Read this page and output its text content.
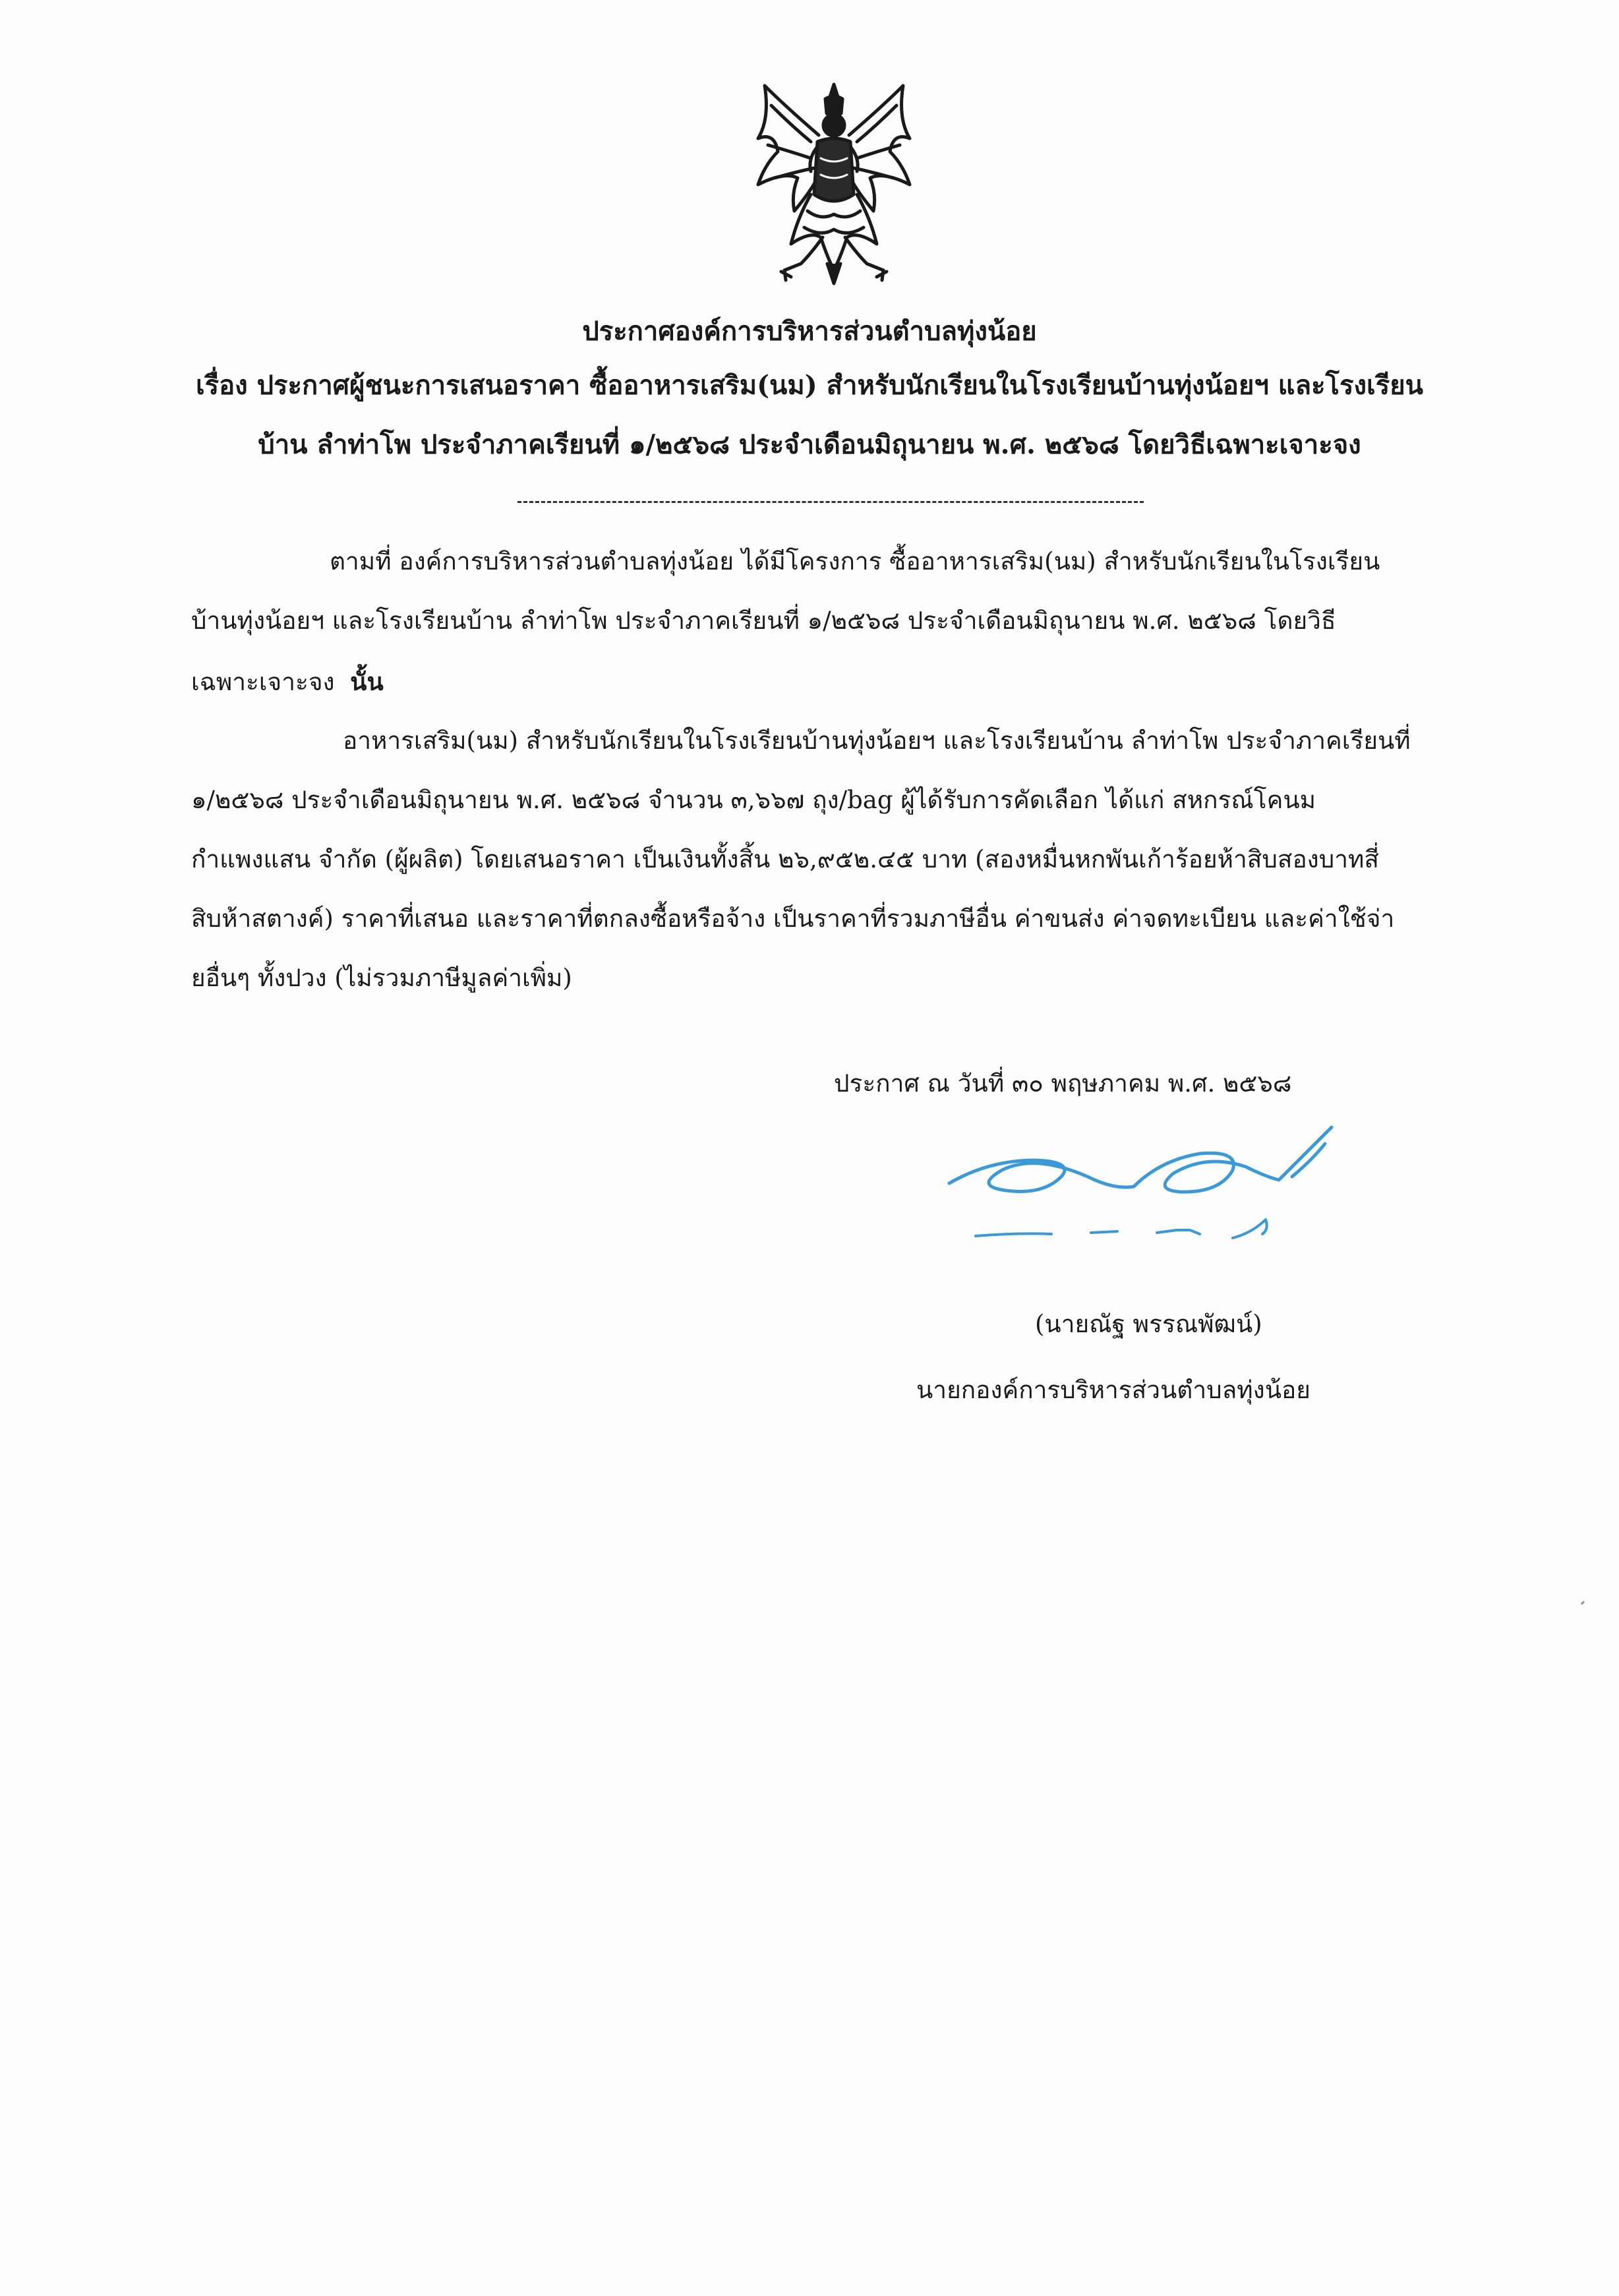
ประกาศองค์การบริหารส่วนตำบลทุ่งน้อย
เรื่อง ประกาศผู้ชนะการเสนอราคา ซื้ออาหารเสริม(นม) สำหรับนักเรียนในโรงเรียนบ้านทุ่งน้อยฯ และโรงเรียน
บ้าน ลำท่าโพ ประจำภาคเรียนที่ ๑/๒๕๖๘ ประจำเดือนมิถุนายน พ.ศ. ๒๕๖๘ โดยวิธีเฉพาะเจาะจง
ตามที่ องค์การบริหารส่วนตำบลทุ่งน้อย ได้มีโครงการ ซื้ออาหารเสริม(นม) สำหรับนักเรียนในโรงเรียน
บ้านทุ่งน้อยฯ และโรงเรียนบ้าน ลำท่าโพ ประจำภาคเรียนที่ ๑/๒๕๖๘ ประจำเดือนมิถุนายน พ.ศ. ๒๕๖๘ โดยวิธี
เฉพาะเจาะจง นั้น
อาหารเสริม(นม) สำหรับนักเรียนในโรงเรียนบ้านทุ่งน้อยฯ และโรงเรียนบ้าน ลำท่าโพ ประจำภาคเรียนที่
๑/๒๕๖๘ ประจำเดือนมิถุนายน พ.ศ. ๒๕๖๘ จำนวน ๓,๖๖๗ ถุง/bag ผู้ได้รับการคัดเลือก ได้แก่ สหกรณ์โคนม
กำแพงแสน จำกัด (ผู้ผลิต) โดยเสนอราคา เป็นเงินทั้งสิ้น ๒๖,๙๕๒.๔๕ บาท (สองหมื่นหกพันเก้าร้อยห้าสิบสองบาทสี่
สิบห้าสตางค์) ราคาที่เสนอ และราคาที่ตกลงซื้อหรือจ้าง เป็นราคาที่รวมภาษีอื่น ค่าขนส่ง ค่าจดทะเบียน และค่าใช้จ่า
ยอื่นๆ ทั้งปวง (ไม่รวมภาษีมูลค่าเพิ่ม)
ประกาศ ณ วันที่ ๓๐ พฤษภาคม พ.ศ. ๒๕๖๘
(นายณัฐ พรรณพัฒน์)
นายกองค์การบริหารส่วนตำบลทุ่งน้อย
